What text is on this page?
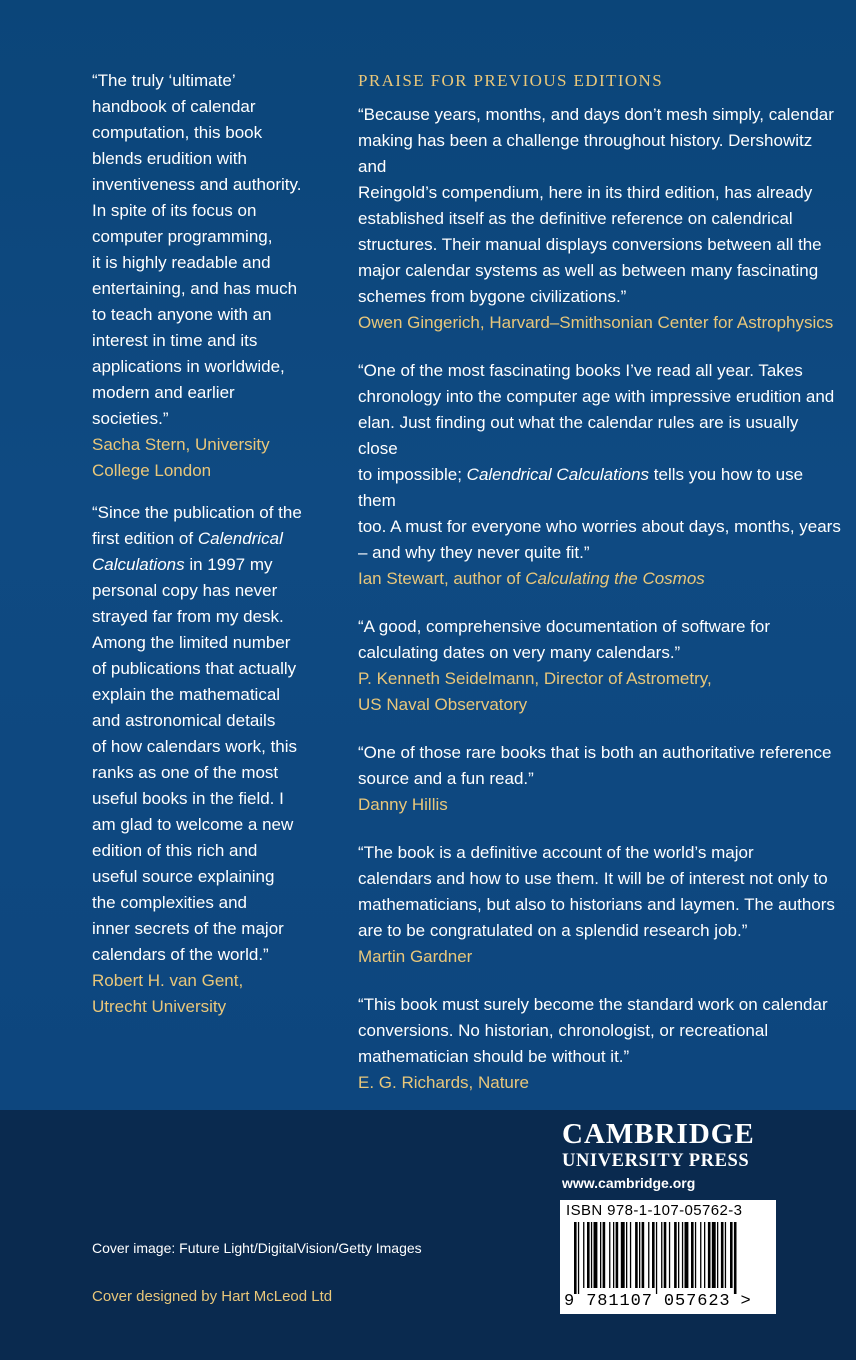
“The truly ‘ultimate’
handbook of calendar
computation, this book
blends erudition with
inventiveness and authority.
In spite of its focus on
computer programming,
it is highly readable and
entertaining, and has much
to teach anyone with an
interest in time and its
applications in worldwide,
modern and earlier
societies.”
Sacha Stern, University
College London
“Since the publication of the
first edition of Calendrical
Calculations in 1997 my
personal copy has never
strayed far from my desk.
Among the limited number
of publications that actually
explain the mathematical
and astronomical details
of how calendars work, this
ranks as one of the most
useful books in the field. I
am glad to welcome a new
edition of this rich and
useful source explaining
the complexities and
inner secrets of the major
calendars of the world.”
Robert H. van Gent,
Utrecht University
PRAISE FOR PREVIOUS EDITIONS
“Because years, months, and days don’t mesh simply, calendar
making has been a challenge throughout history. Dershowitz and
Reingold’s compendium, here in its third edition, has already
established itself as the definitive reference on calendrical
structures. Their manual displays conversions between all the
major calendar systems as well as between many fascinating
schemes from bygone civilizations.”
Owen Gingerich, Harvard–Smithsonian Center for Astrophysics
“One of the most fascinating books I’ve read all year. Takes
chronology into the computer age with impressive erudition and
elan. Just finding out what the calendar rules are is usually close
to impossible; Calendrical Calculations tells you how to use them
too. A must for everyone who worries about days, months, years
– and why they never quite fit.”
Ian Stewart, author of Calculating the Cosmos
“A good, comprehensive documentation of software for
calculating dates on very many calendars.”
P. Kenneth Seidelmann, Director of Astrometry,
US Naval Observatory
“One of those rare books that is both an authoritative reference
source and a fun read.”
Danny Hillis
“The book is a definitive account of the world’s major
calendars and how to use them. It will be of interest not only to
mathematicians, but also to historians and laymen. The authors
are to be congratulated on a splendid research job.”
Martin Gardner
“This book must surely become the standard work on calendar
conversions. No historian, chronologist, or recreational
mathematician should be without it.”
E. G. Richards, Nature
CAMBRIDGE
UNIVERSITY PRESS
www.cambridge.org
ISBN 978-1-107-05762-3
9 781107 057623 >
Cover image: Future Light/DigitalVision/Getty Images
Cover designed by Hart McLeod Ltd
